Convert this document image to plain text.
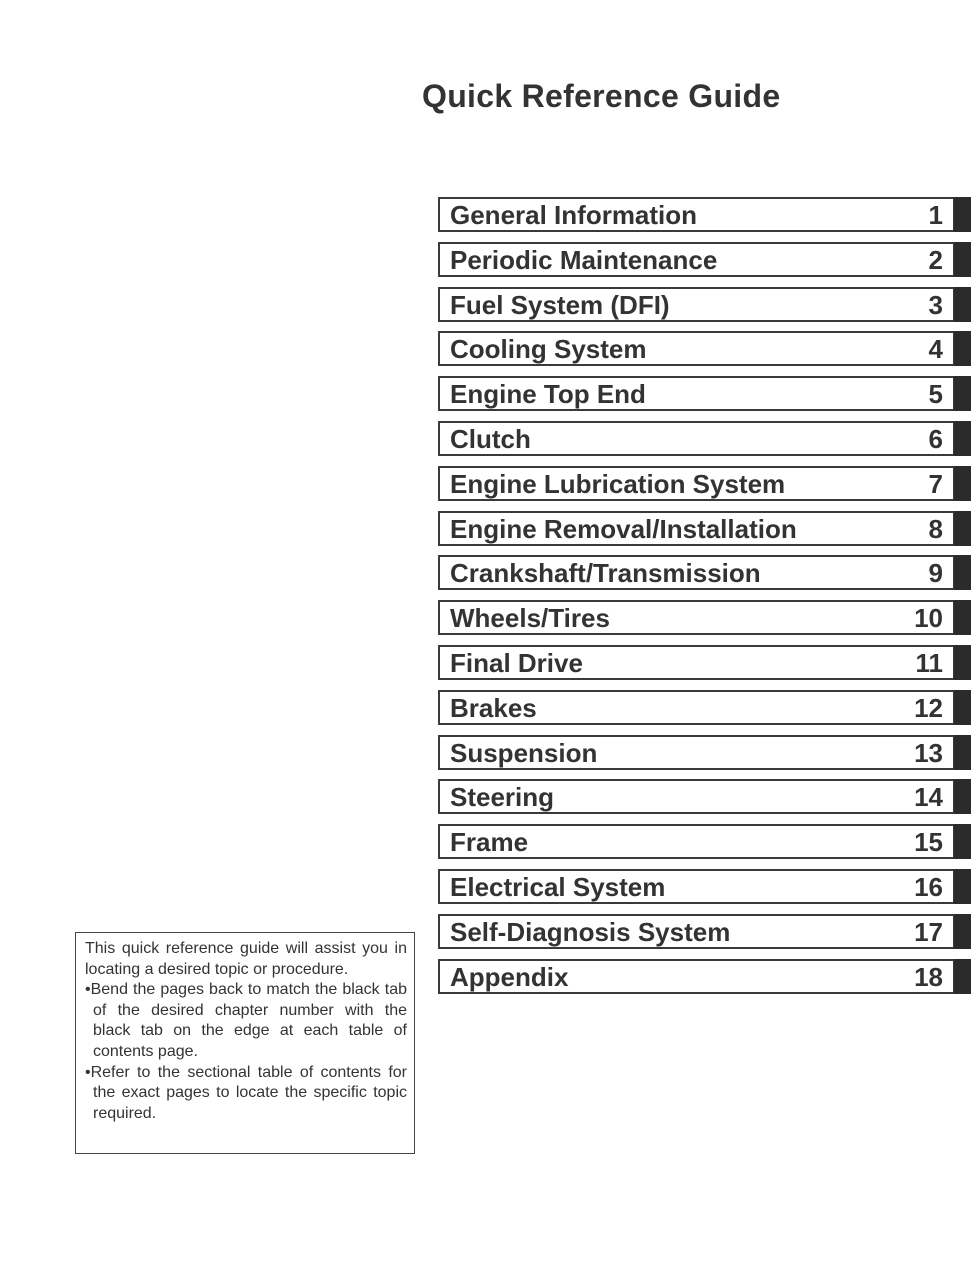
Quick Reference Guide
General Information	1
Periodic Maintenance	2
Fuel System (DFI)	3
Cooling System	4
Engine Top End	5
Clutch	6
Engine Lubrication System	7
Engine Removal/Installation	8
Crankshaft/Transmission	9
Wheels/Tires	10
Final Drive	11
Brakes	12
Suspension	13
Steering	14
Frame	15
Electrical System	16
Self-Diagnosis System	17
Appendix	18
This quick reference guide will assist you in locating a desired topic or procedure.
•Bend the pages back to match the black tab of the desired chapter number with the black tab on the edge at each table of contents page.
•Refer to the sectional table of contents for the exact pages to locate the specific topic required.
